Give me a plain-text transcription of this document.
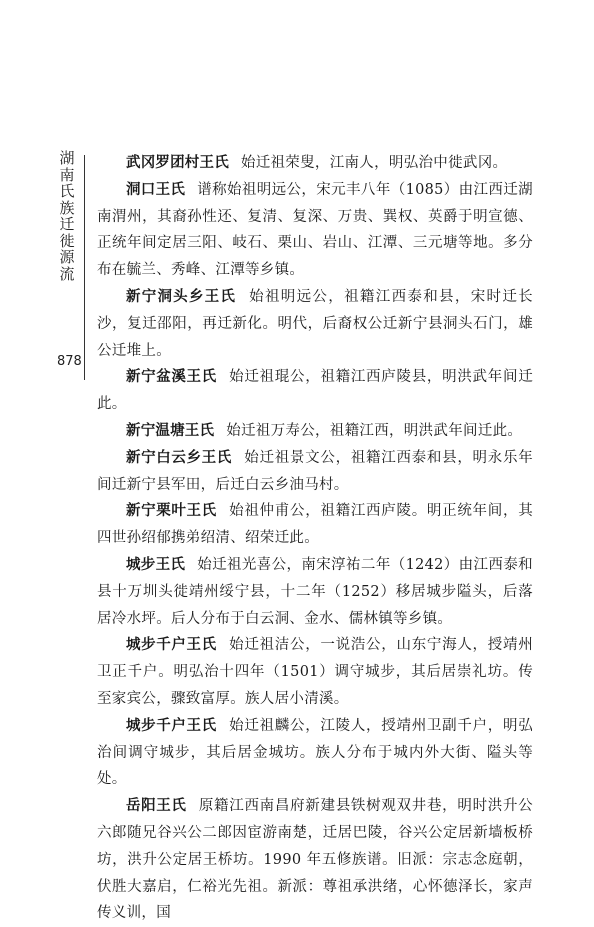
湖南氏族迁徙源流
878

武冈罗团村王氏 始迁祖荣叟，江南人，明弘治中徙武冈。

洞口王氏 谱称始祖明远公，宋元丰八年（1085）由江西迁湖南渭州，其裔孙性还、复清、复深、万贵、巽权、英爵于明宣德、正统年间定居三阳、岐石、栗山、岩山、江潭、三元塘等地。多分布在毓兰、秀峰、江潭等乡镇。

新宁洞头乡王氏 始祖明远公，祖籍江西泰和县，宋时迁长沙，复迁邵阳，再迁新化。明代，后裔权公迁新宁县洞头石门，雄公迁堆上。

新宁盆溪王氏 始迁祖琨公，祖籍江西庐陵县，明洪武年间迁此。

新宁温塘王氏 始迁祖万寿公，祖籍江西，明洪武年间迁此。

新宁白云乡王氏 始迁祖景文公，祖籍江西泰和县，明永乐年间迁新宁县军田，后迁白云乡油马村。

新宁栗叶王氏 始祖仲甫公，祖籍江西庐陵。明正统年间，其四世孙绍郁携弟绍清、绍荣迁此。

城步王氏 始迁祖光喜公，南宋淳祐二年（1242）由江西泰和县十万圳头徙靖州绥宁县，十二年（1252）移居城步隘头，后落居冷水坪。后人分布于白云洞、金水、儒林镇等乡镇。

城步千户王氏 始迁祖洁公，一说浩公，山东宁海人，授靖州卫正千户。明弘治十四年（1501）调守城步，其后居崇礼坊。传至家宾公，骤致富厚。族人居小清溪。

城步千户王氏 始迁祖麟公，江陵人，授靖州卫副千户，明弘治间调守城步，其后居金城坊。族人分布于城内外大街、隘头等处。

岳阳王氏 原籍江西南昌府新建县铁树观双井巷，明时洪升公六郎随兄谷兴公二郎因宦游南楚，迁居巴陵，谷兴公定居新墙板桥坊，洪升公定居王桥坊。1990 年五修族谱。旧派：宗志念庭朝，伏胜大嘉启，仁裕光先祖。新派：尊祖承洪绪，心怀德泽长，家声传义训，国
